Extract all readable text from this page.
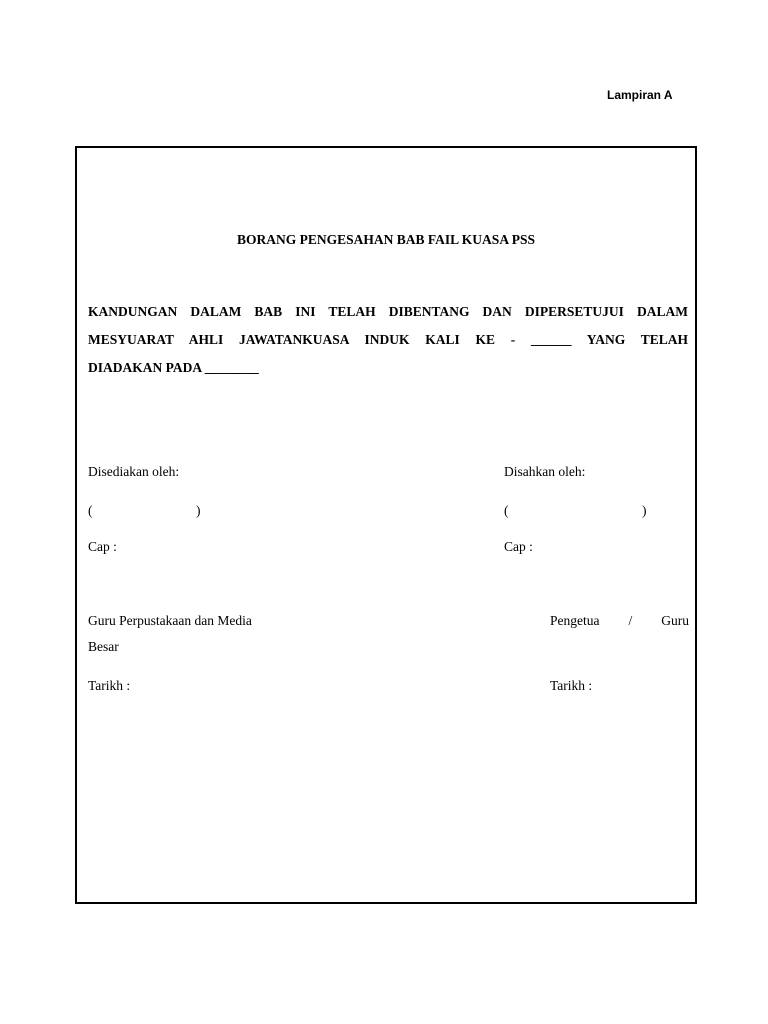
Lampiran A
BORANG PENGESAHAN BAB FAIL KUASA PSS
KANDUNGAN DALAM BAB INI TELAH DIBENTANG DAN DIPERSETUJUI DALAM
MESYUARAT AHLI JAWATANKUASA INDUK KALI KE - ______ YANG TELAH
DIADAKAN PADA ________
Disediakan oleh:
(	)
Cap :
Guru Perpustakaan dan Media
Besar
Tarikh :
Disahkan oleh:
(	)
Cap :
Pengetua / Guru
Tarikh :
